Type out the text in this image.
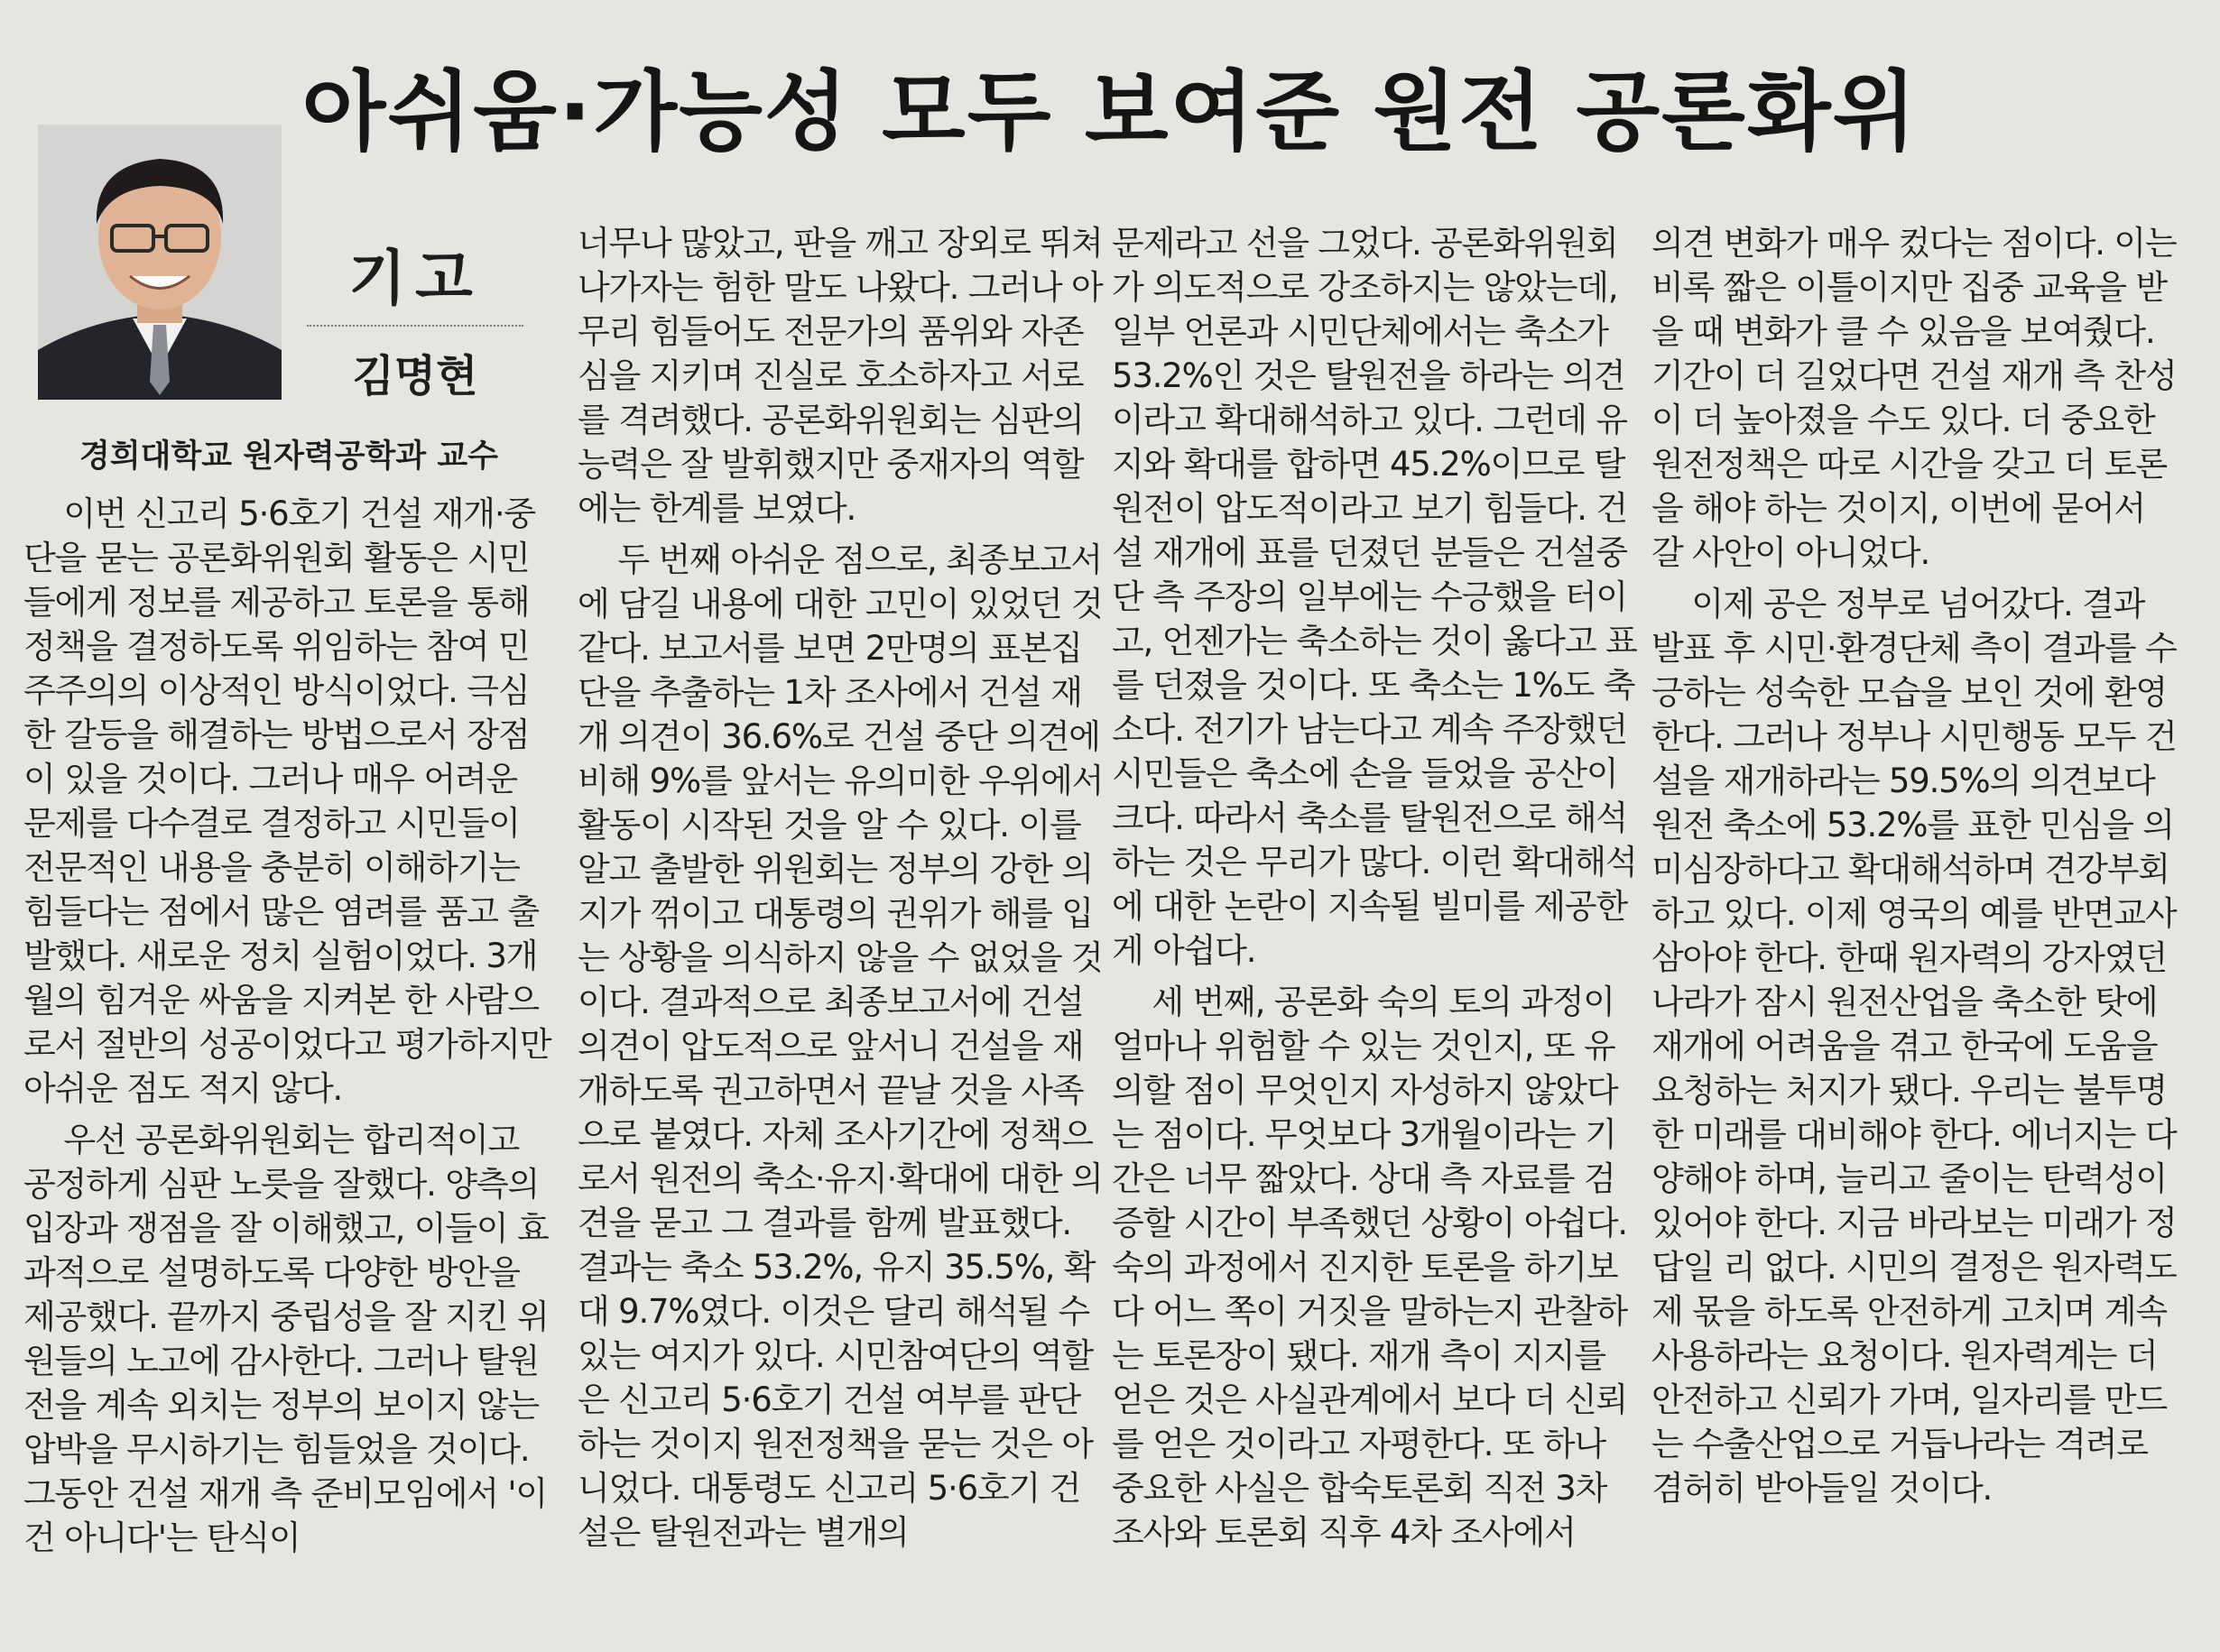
아쉬움·가능성 모두 보여준 원전 공론화위
기고
김명현
경희대학교 원자력공학과 교수

이번 신고리 5·6호기 건설 재개·중단을 묻는 공론화위원회 활동은 시민들에게 정보를 제공하고 토론을 통해 정책을 결정하도록 위임하는 참여 민주주의의 이상적인 방식이었다. 극심한 갈등을 해결하는 방법으로서 장점이 있을 것이다. 그러나 매우 어려운 문제를 다수결로 결정하고 시민들이 전문적인 내용을 충분히 이해하기는 힘들다는 점에서 많은 염려를 품고 출발했다. 새로운 정치 실험이었다. 3개월의 힘겨운 싸움을 지켜본 한 사람으로서 절반의 성공이었다고 평가하지만 아쉬운 점도 적지 않다.

우선 공론화위원회는 합리적이고 공정하게 심판 노릇을 잘했다. 양측의 입장과 쟁점을 잘 이해했고, 이들이 효과적으로 설명하도록 다양한 방안을 제공했다. 끝까지 중립성을 잘 지킨 위원들의 노고에 감사한다. 그러나 탈원전을 계속 외치는 정부의 보이지 않는 압박을 무시하기는 힘들었을 것이다. 그동안 건설 재개 측 준비모임에서 '이건 아니다'는 탄식이

너무나 많았고, 판을 깨고 장외로 뛰쳐나가자는 험한 말도 나왔다. 그러나 아무리 힘들어도 전문가의 품위와 자존심을 지키며 진실로 호소하자고 서로를 격려했다. 공론화위원회는 심판의 능력은 잘 발휘했지만 중재자의 역할에는 한계를 보였다.

두 번째 아쉬운 점으로, 최종보고서에 담길 내용에 대한 고민이 있었던 것 같다. 보고서를 보면 2만명의 표본집단을 추출하는 1차 조사에서 건설 재개 의견이 36.6%로 건설 중단 의견에 비해 9%를 앞서는 유의미한 우위에서 활동이 시작된 것을 알 수 있다. 이를 알고 출발한 위원회는 정부의 강한 의지가 꺾이고 대통령의 권위가 해를 입는 상황을 의식하지 않을 수 없었을 것이다. 결과적으로 최종보고서에 건설 의견이 압도적으로 앞서니 건설을 재개하도록 권고하면서 끝날 것을 사족으로 붙였다. 자체 조사기간에 정책으로서 원전의 축소·유지·확대에 대한 의견을 묻고 그 결과를 함께 발표했다. 결과는 축소 53.2%, 유지 35.5%, 확대 9.7%였다. 이것은 달리 해석될 수 있는 여지가 있다. 시민참여단의 역할은 신고리 5·6호기 건설 여부를 판단하는 것이지 원전정책을 묻는 것은 아니었다. 대통령도 신고리 5·6호기 건설은 탈원전과는 별개의

문제라고 선을 그었다. 공론화위원회가 의도적으로 강조하지는 않았는데, 일부 언론과 시민단체에서는 축소가 53.2%인 것은 탈원전을 하라는 의견이라고 확대해석하고 있다. 그런데 유지와 확대를 합하면 45.2%이므로 탈원전이 압도적이라고 보기 힘들다. 건설 재개에 표를 던졌던 분들은 건설중단 측 주장의 일부에는 수긍했을 터이고, 언젠가는 축소하는 것이 옳다고 표를 던졌을 것이다. 또 축소는 1%도 축소다. 전기가 남는다고 계속 주장했던 시민들은 축소에 손을 들었을 공산이 크다. 따라서 축소를 탈원전으로 해석하는 것은 무리가 많다. 이런 확대해석에 대한 논란이 지속될 빌미를 제공한 게 아쉽다.

세 번째, 공론화 숙의 토의 과정이 얼마나 위험할 수 있는 것인지, 또 유의할 점이 무엇인지 자성하지 않았다는 점이다. 무엇보다 3개월이라는 기간은 너무 짧았다. 상대 측 자료를 검증할 시간이 부족했던 상황이 아쉽다. 숙의 과정에서 진지한 토론을 하기보다 어느 쪽이 거짓을 말하는지 관찰하는 토론장이 됐다. 재개 측이 지지를 얻은 것은 사실관계에서 보다 더 신뢰를 얻은 것이라고 자평한다. 또 하나 중요한 사실은 합숙토론회 직전 3차 조사와 토론회 직후 4차 조사에서

의견 변화가 매우 컸다는 점이다. 이는 비록 짧은 이틀이지만 집중 교육을 받을 때 변화가 클 수 있음을 보여줬다. 기간이 더 길었다면 건설 재개 측 찬성이 더 높아졌을 수도 있다. 더 중요한 원전정책은 따로 시간을 갖고 더 토론을 해야 하는 것이지, 이번에 묻어서 갈 사안이 아니었다.

이제 공은 정부로 넘어갔다. 결과 발표 후 시민·환경단체 측이 결과를 수긍하는 성숙한 모습을 보인 것에 환영한다. 그러나 정부나 시민행동 모두 건설을 재개하라는 59.5%의 의견보다 원전 축소에 53.2%를 표한 민심을 의미심장하다고 확대해석하며 견강부회하고 있다. 이제 영국의 예를 반면교사 삼아야 한다. 한때 원자력의 강자였던 나라가 잠시 원전산업을 축소한 탓에 재개에 어려움을 겪고 한국에 도움을 요청하는 처지가 됐다. 우리는 불투명한 미래를 대비해야 한다. 에너지는 다양해야 하며, 늘리고 줄이는 탄력성이 있어야 한다. 지금 바라보는 미래가 정답일 리 없다. 시민의 결정은 원자력도 제 몫을 하도록 안전하게 고치며 계속 사용하라는 요청이다. 원자력계는 더 안전하고 신뢰가 가며, 일자리를 만드는 수출산업으로 거듭나라는 격려로 겸허히 받아들일 것이다.
